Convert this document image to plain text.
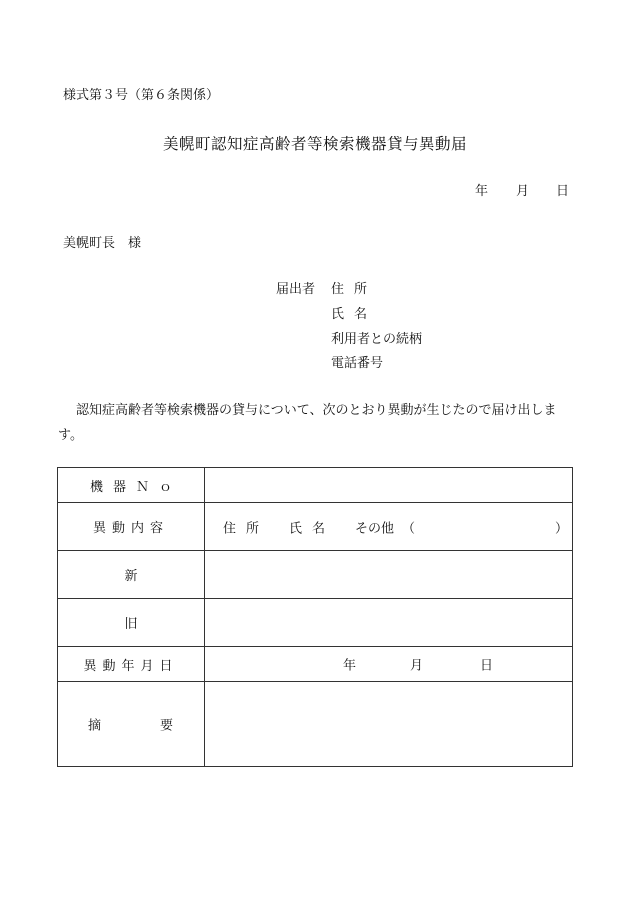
様式第３号（第６条関係）
美幌町認知症高齢者等検索機器貸与異動届
年 月 日
美幌町長　様
届出者 住所
氏名
利用者との続柄
電話番号
認知症高齢者等検索機器の貸与について、次のとおり異動が生じたので届け出します。
機器Ｎｏ	
異動内容	住所 氏名 その他 （ ）

新	
旧	
異動年月日	年 月 日

摘 要	
